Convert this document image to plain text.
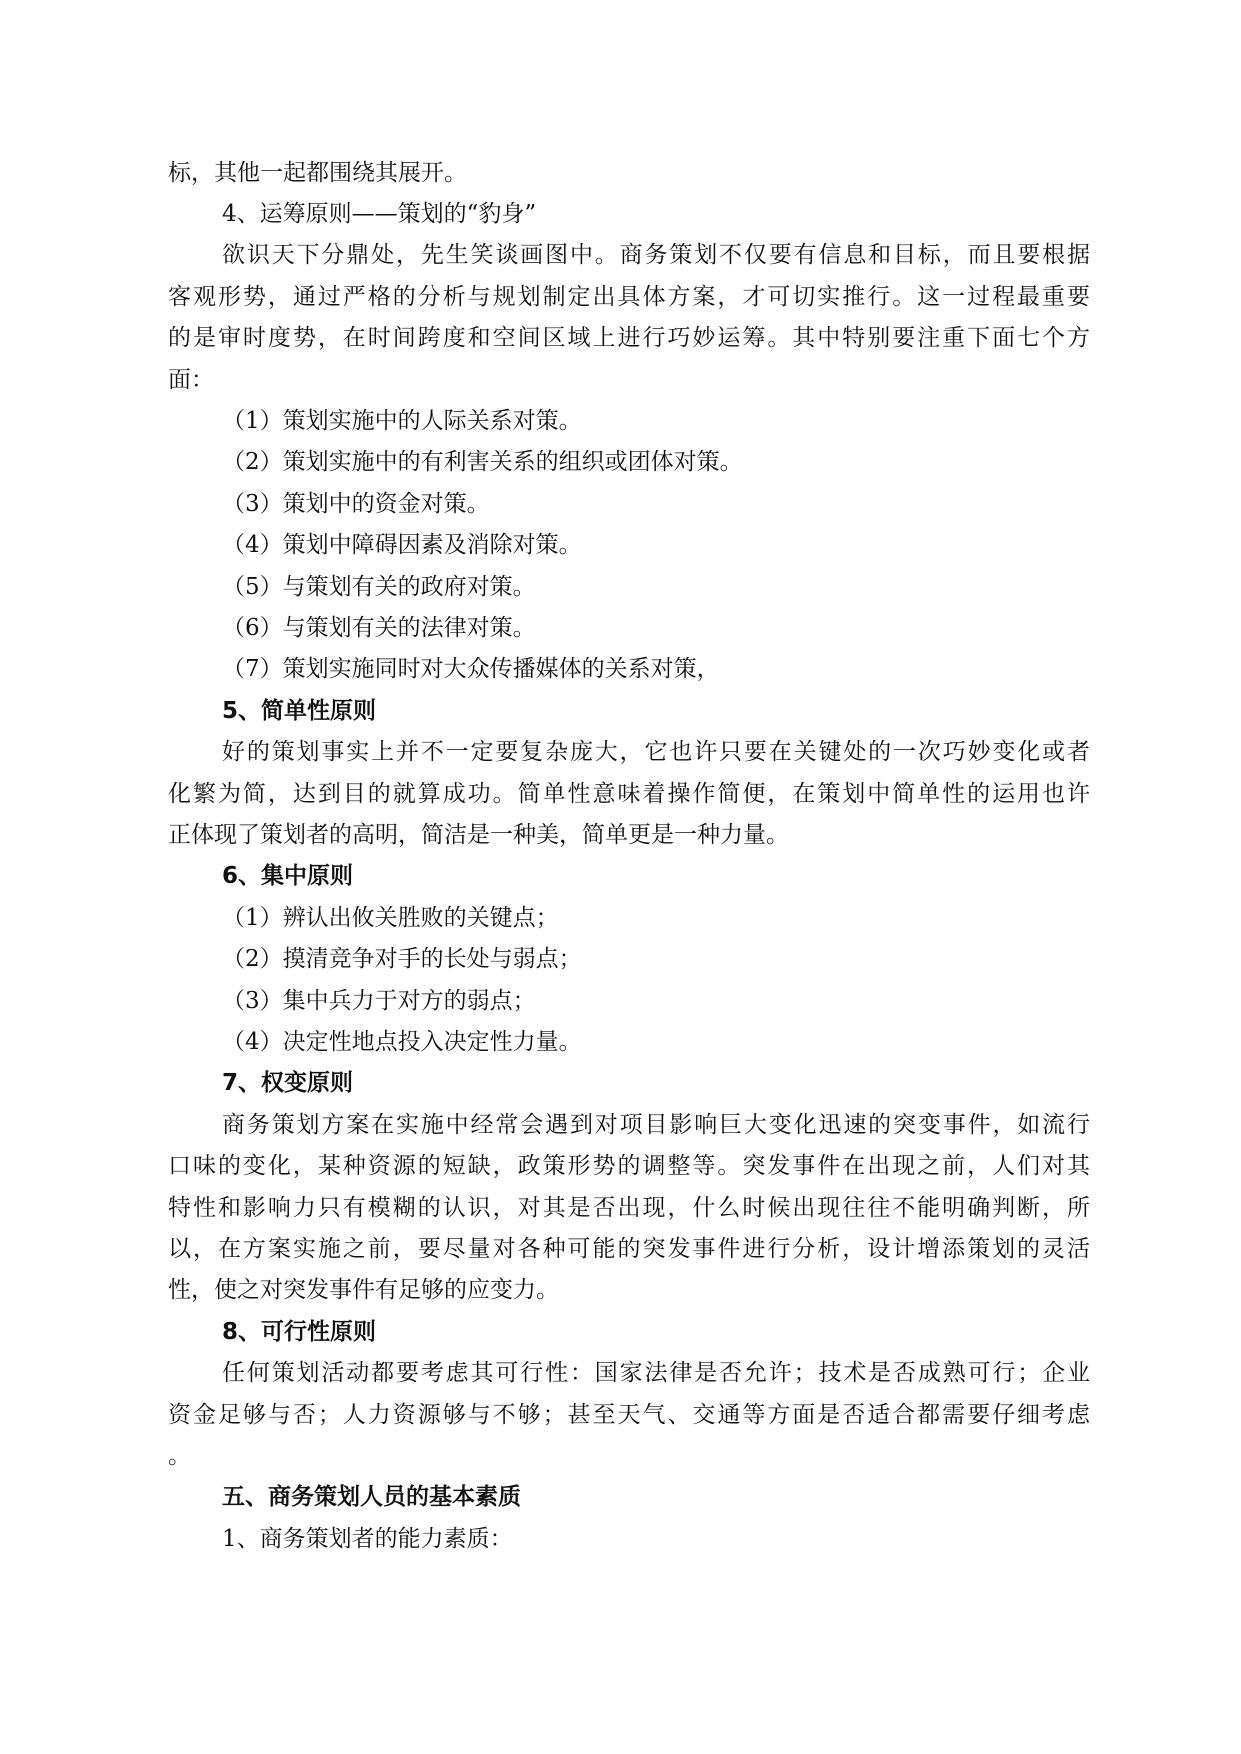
标，其他一起都围绕其展开。
4、运筹原则——策划的“豹身”
欲识天下分鼎处，先生笑谈画图中。商务策划不仅要有信息和目标，而且要根据
客观形势，通过严格的分析与规划制定出具体方案，才可切实推行。这一过程最重要
的是审时度势，在时间跨度和空间区域上进行巧妙运筹。其中特别要注重下面七个方
面：
（1）策划实施中的人际关系对策。
（2）策划实施中的有利害关系的组织或团体对策。
（3）策划中的资金对策。
（4）策划中障碍因素及消除对策。
（5）与策划有关的政府对策。
（6）与策划有关的法律对策。
（7）策划实施同时对大众传播媒体的关系对策，
5、简单性原则
好的策划事实上并不一定要复杂庞大，它也许只要在关键处的一次巧妙变化或者
化繁为简，达到目的就算成功。简单性意味着操作简便，在策划中简单性的运用也许
正体现了策划者的高明，简洁是一种美，简单更是一种力量。
6、集中原则
（1）辨认出攸关胜败的关键点；
（2）摸清竞争对手的长处与弱点；
（3）集中兵力于对方的弱点；
（4）决定性地点投入决定性力量。
7、权变原则
商务策划方案在实施中经常会遇到对项目影响巨大变化迅速的突变事件，如流行
口味的变化，某种资源的短缺，政策形势的调整等。突发事件在出现之前，人们对其
特性和影响力只有模糊的认识，对其是否出现，什么时候出现往往不能明确判断，所
以，在方案实施之前，要尽量对各种可能的突发事件进行分析，设计增添策划的灵活
性，使之对突发事件有足够的应变力。
8、可行性原则
任何策划活动都要考虑其可行性：国家法律是否允许；技术是否成熟可行；企业
资金足够与否；人力资源够与不够；甚至天气、交通等方面是否适合都需要仔细考虑
。
五、商务策划人员的基本素质
1、商务策划者的能力素质：
